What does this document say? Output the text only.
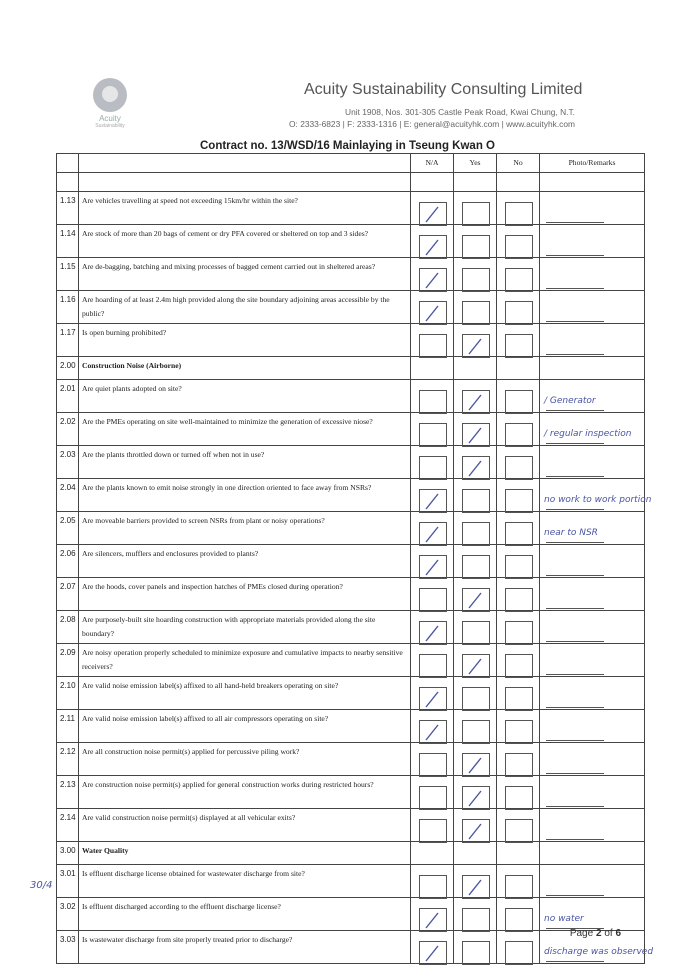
Acuity
Sustainability
Acuity Sustainability Consulting Limited
Unit 1908, Nos. 301-305 Castle Peak Road, Kwai Chung, N.T.
O: 2333-6823 | F: 2333-1316 | E: general@acuityhk.com | www.acuityhk.com
Contract no. 13/WSD/16 Mainlaying in Tseung Kwan O
		N/A	Yes	No	Photo/Remarks

1.13	Are vehicles travelling at speed not exceeding 15km/hr within the site?	

1.14	Are stock of more than 20 bags of cement or dry PFA covered or sheltered on top and 3 sides?	

1.15	Are de-bagging, batching and mixing processes of bagged cement carried out in sheltered areas?	

1.16	Are hoarding of at least 2.4m high provided along the site boundary adjoining areas accessible by the public?	

1.17	Is open burning prohibited?	

2.00	Construction Noise (Airborne)				
2.01	Are quiet plants adopted on site?				/ Generator

2.02	Are the PMEs operating on site well-maintained to minimize the generation of excessive niose?				/ regular inspection

2.03	Are the plants throttled down or turned off when not in use?	

2.04	Are the plants known to emit noise strongly in one direction oriented to face away from NSRs?				no work to work portion

2.05	Are moveable barriers provided to screen NSRs from plant or noisy operations?				near to NSR

2.06	Are silencers, mufflers and enclosures provided to plants?	

2.07	Are the hoods, cover panels and inspection hatches of PMEs closed during operation?	

2.08	Are purposely-built site hoarding construction with appropriate materials provided along the site boundary?	

2.09	Are noisy operation properly scheduled to minimize exposure and cumulative impacts to nearby sensitive receivers?	

2.10	Are valid noise emission label(s) affixed to all hand-held breakers operating on site?	

2.11	Are valid noise emission label(s) affixed to all air compressors operating on site?	

2.12	Are all construction noise permit(s) applied for percussive piling work?	

2.13	Are construction noise permit(s) applied for general construction works during restricted hours?	

2.14	Are valid construction noise permit(s) displayed at all vehicular exits?	

3.00	Water Quality				
3.01	Is effluent discharge license obtained for wastewater discharge from site?	

3.02	Is effluent discharged according to the effluent discharge license?				no water

3.03	Is wastewater discharge from site properly treated prior to discharge?				discharge was observed
30/4
Page 2 of 6
